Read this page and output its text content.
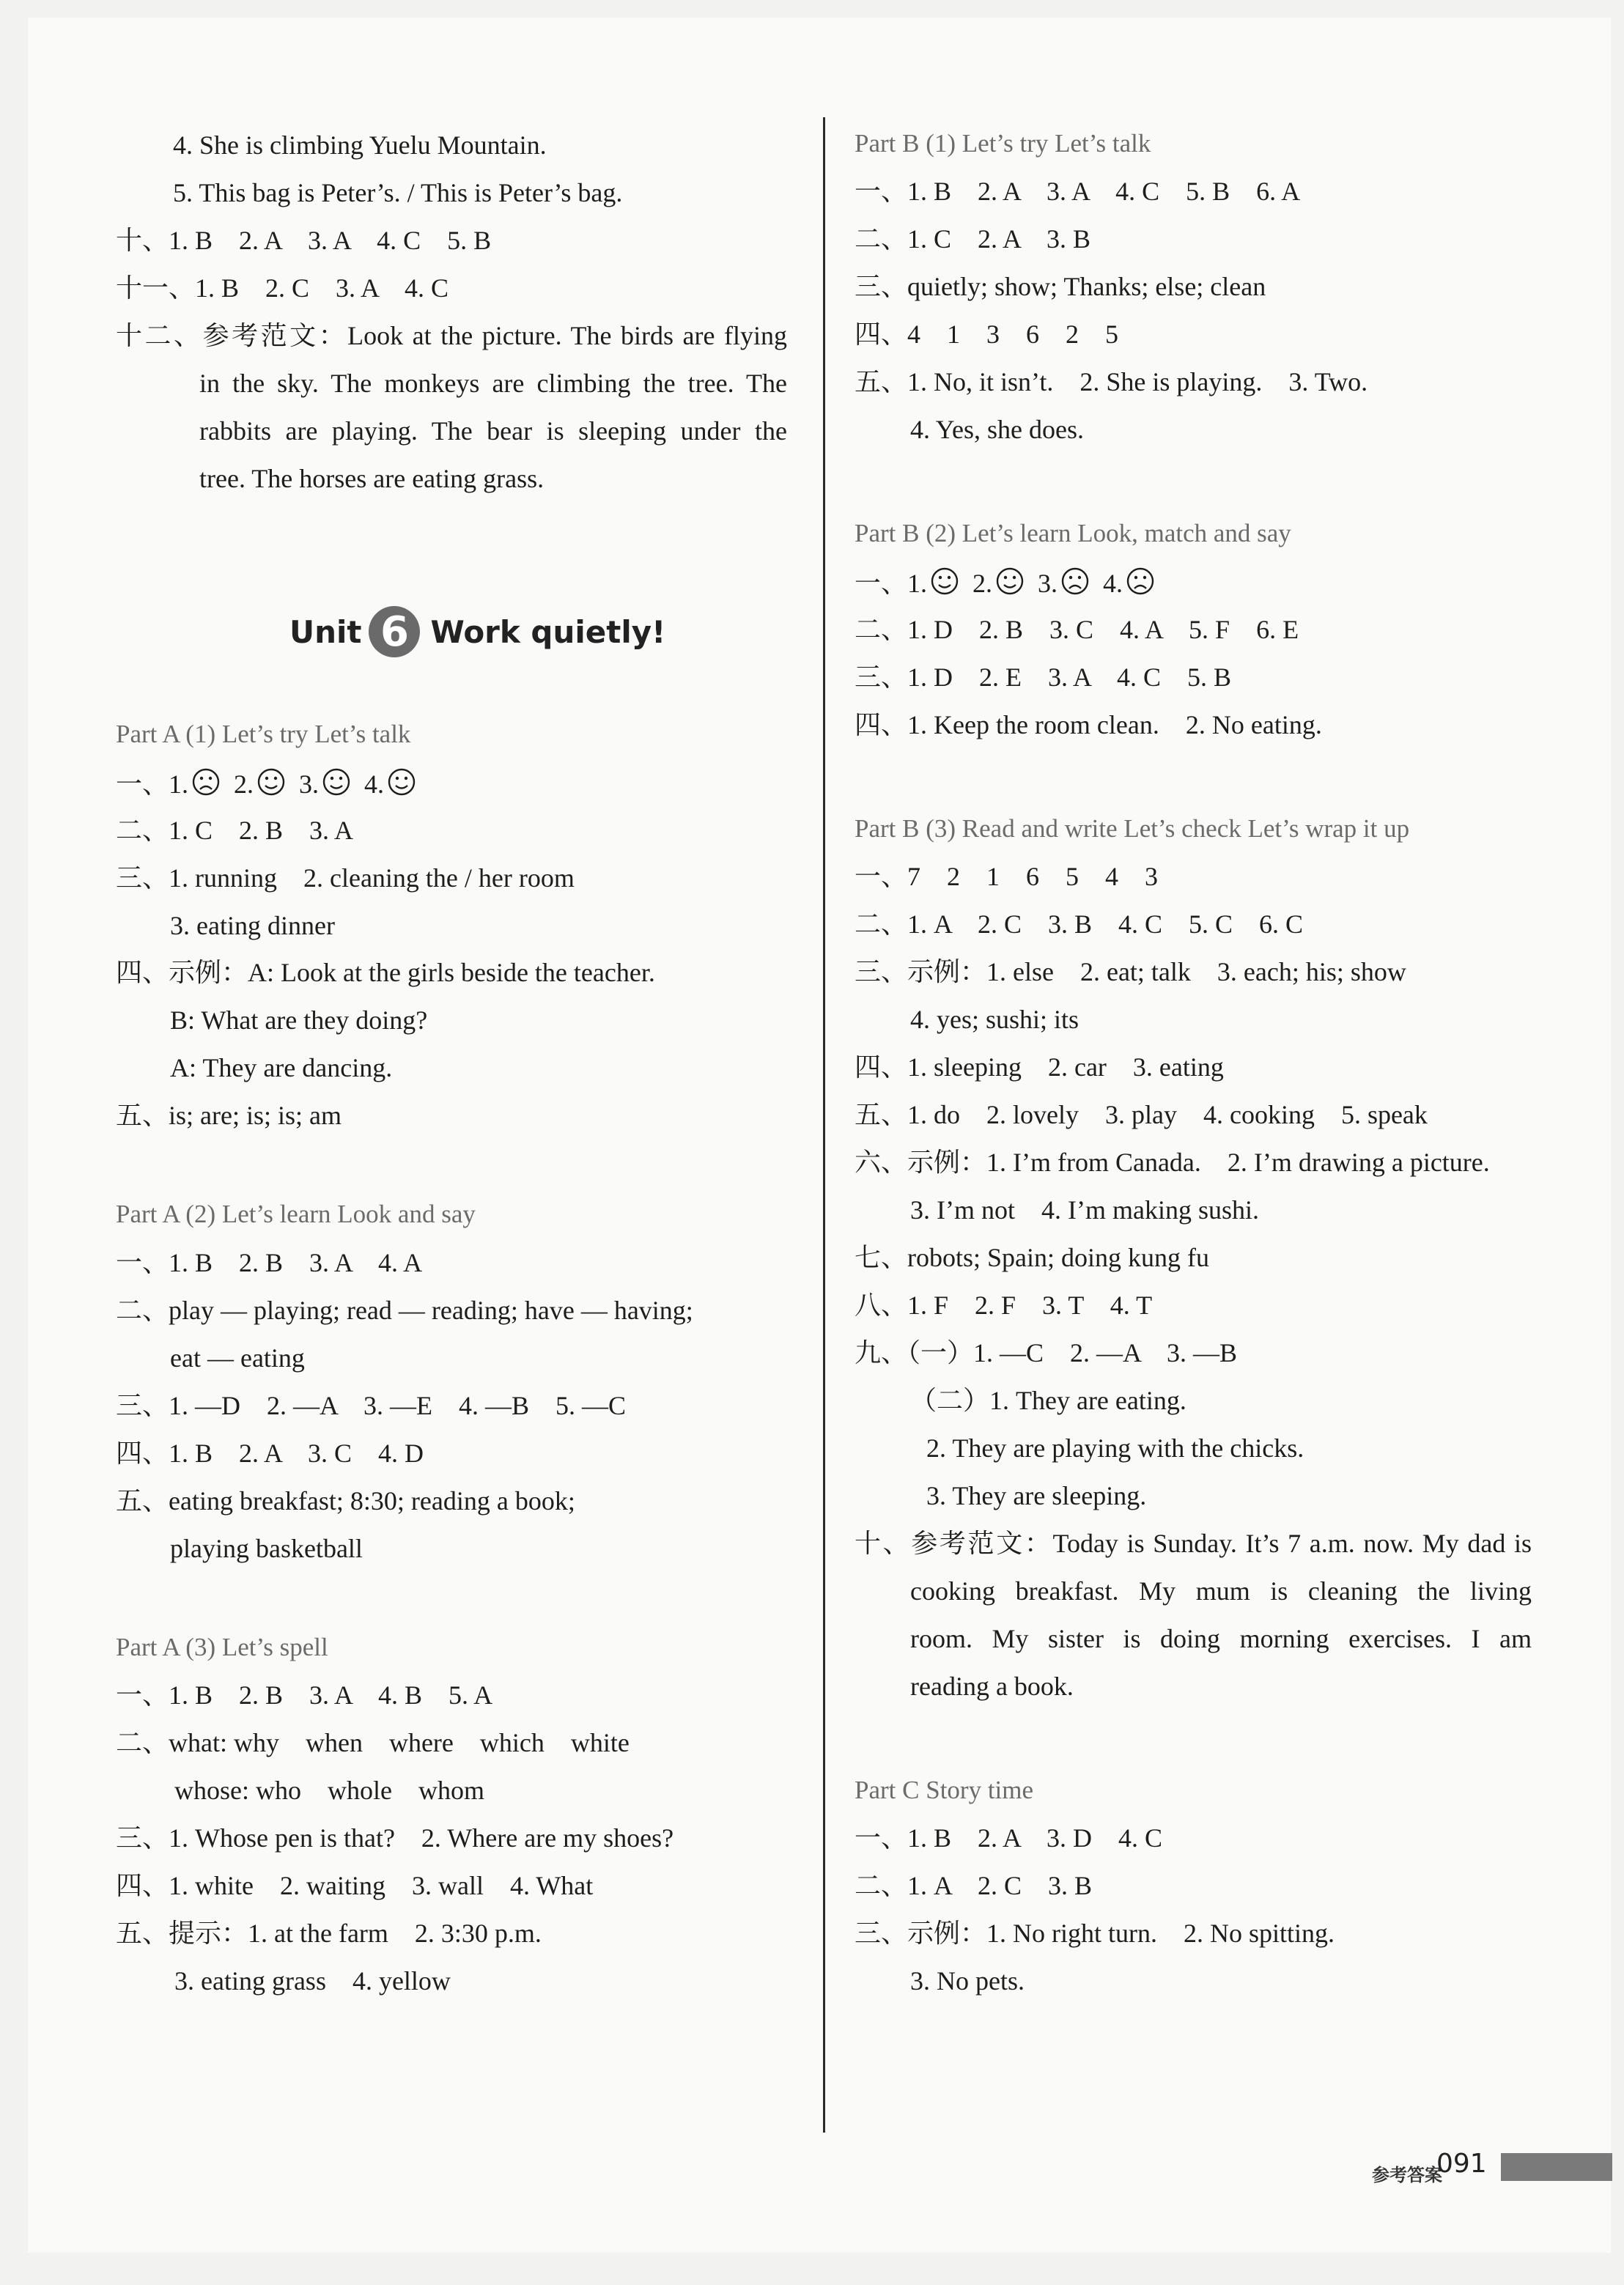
4. She is climbing Yuelu Mountain.
5. This bag is Peter’s. / This is Peter’s bag.
十、1. B　2. A　3. A　4. C　5. B
十一、1. B　2. C　3. A　4. C
十二、参考范文：Look at the picture. The birds are flying
in the sky. The monkeys are climbing the tree. The
rabbits are playing. The bear is sleeping under the
tree. The horses are eating grass.
Unit 6 Work quietly!
Part A (1) Let’s try Let’s talk
一、1. 2. 3. 4.
二、1. C　2. B　3. A
三、1. running　2. cleaning the / her room
3. eating dinner
四、示例：A: Look at the girls beside the teacher.
B: What are they doing?
A: They are dancing.
五、is; are; is; is; am
Part A (2) Let’s learn Look and say
一、1. B　2. B　3. A　4. A
二、play — playing; read — reading; have — having;
eat — eating
三、1. —D　2. —A　3. —E　4. —B　5. —C
四、1. B　2. A　3. C　4. D
五、eating breakfast; 8:30; reading a book;
playing basketball
Part A (3) Let’s spell
一、1. B　2. B　3. A　4. B　5. A
二、what: why　when　where　which　white
whose: who　whole　whom
三、1. Whose pen is that?　2. Where are my shoes?
四、1. white　2. waiting　3. wall　4. What
五、提示：1. at the farm　2. 3:30 p.m.
3. eating grass　4. yellow
Part B (1) Let’s try Let’s talk
一、1. B　2. A　3. A　4. C　5. B　6. A
二、1. C　2. A　3. B
三、quietly; show; Thanks; else; clean
四、4　1　3　6　2　5
五、1. No, it isn’t.　2. She is playing.　3. Two.
4. Yes, she does.
Part B (2) Let’s learn Look, match and say
一、1. 2. 3. 4.
二、1. D　2. B　3. C　4. A　5. F　6. E
三、1. D　2. E　3. A　4. C　5. B
四、1. Keep the room clean.　2. No eating.
Part B (3) Read and write Let’s check Let’s wrap it up
一、7　2　1　6　5　4　3
二、1. A　2. C　3. B　4. C　5. C　6. C
三、示例：1. else　2. eat; talk　3. each; his; show
4. yes; sushi; its
四、1. sleeping　2. car　3. eating
五、1. do　2. lovely　3. play　4. cooking　5. speak
六、示例：1. I’m from Canada.　2. I’m drawing a picture.
3. I’m not　4. I’m making sushi.
七、robots; Spain; doing kung fu
八、1. F　2. F　3. T　4. T
九、（一）1. —C　2. —A　3. —B
（二）1. They are eating.
2. They are playing with the chicks.
3. They are sleeping.
十、参考范文：Today is Sunday. It’s 7 a.m. now. My dad is
cooking breakfast. My mum is cleaning the living
room. My sister is doing morning exercises. I am
reading a book.
Part C Story time
一、1. B　2. A　3. D　4. C
二、1. A　2. C　3. B
三、示例：1. No right turn.　2. No spitting.
3. No pets.
参考答案
091
